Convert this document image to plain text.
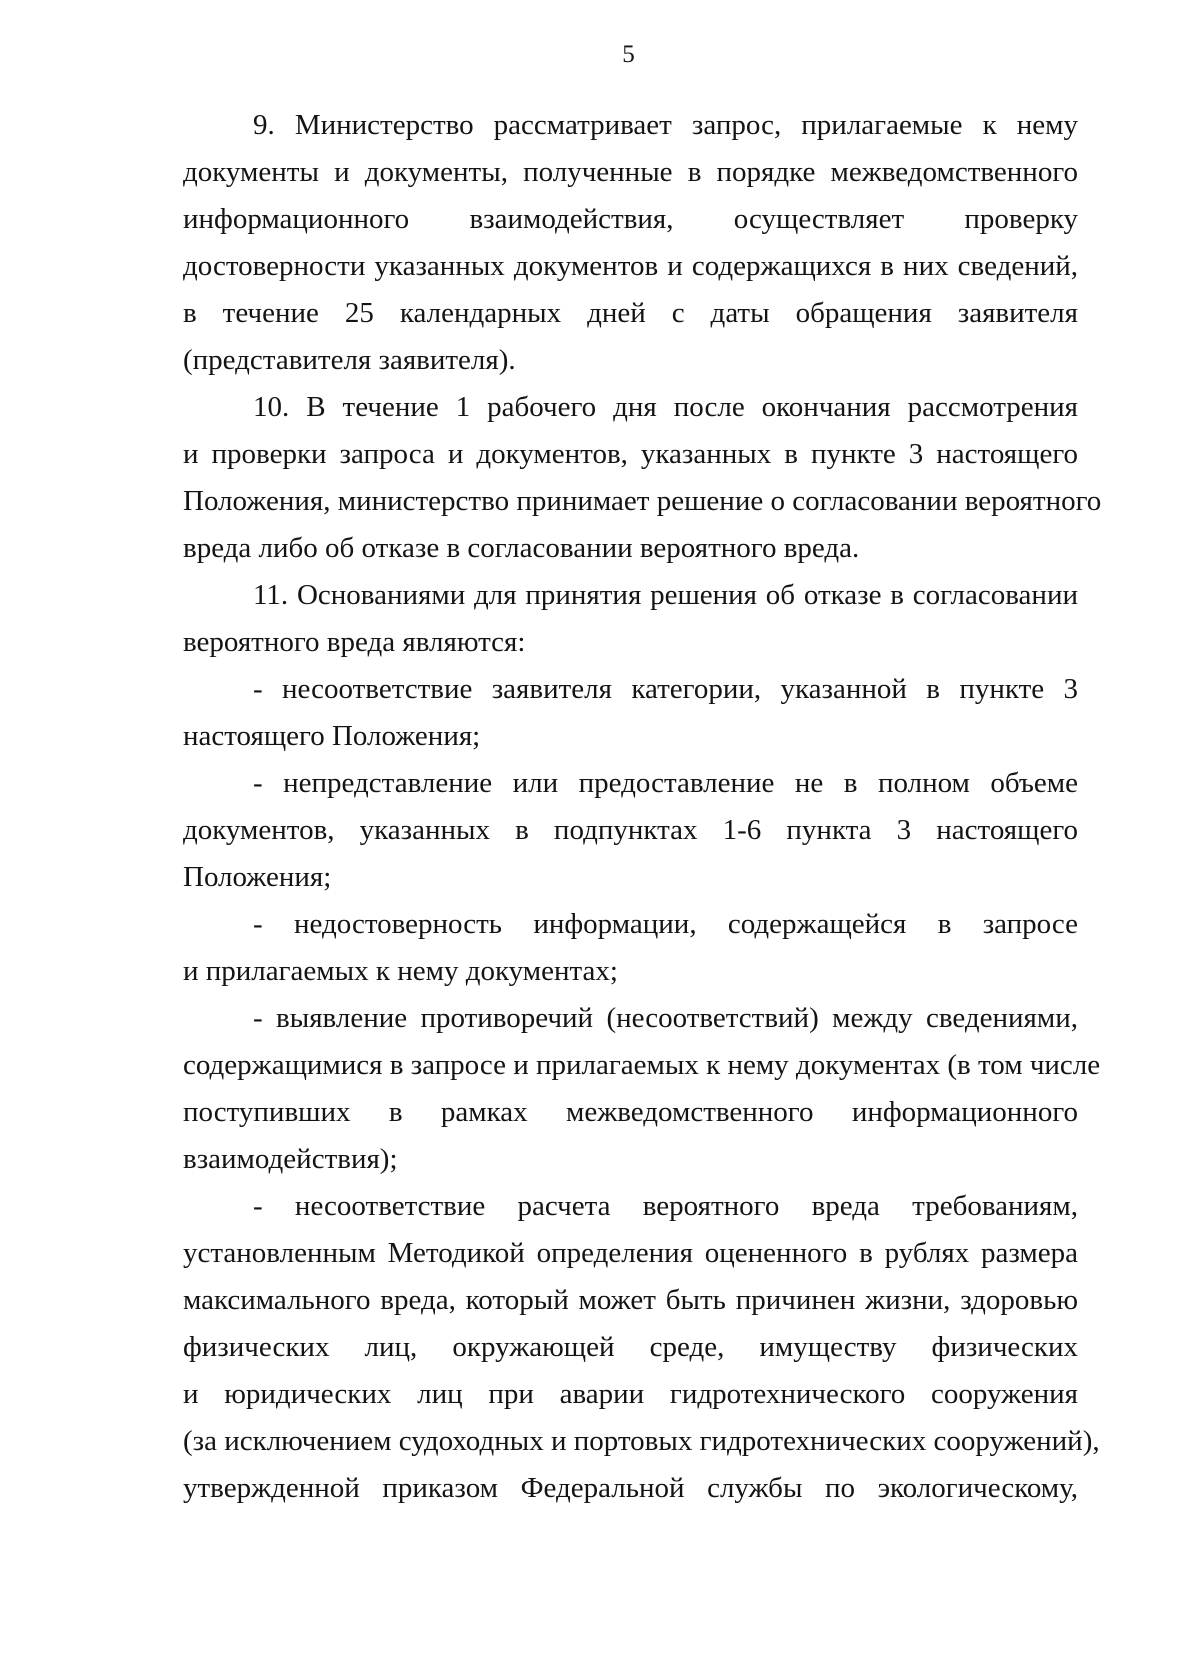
5
9. Министерство рассматривает запрос, прилагаемые к нему
документы и документы, полученные в порядке межведомственного
информационного взаимодействия, осуществляет проверку
достоверности указанных документов и содержащихся в них сведений,
в течение 25 календарных дней с даты обращения заявителя
(представителя заявителя).
10. В течение 1 рабочего дня после окончания рассмотрения
и проверки запроса и документов, указанных в пункте 3 настоящего
Положения, министерство принимает решение о согласовании вероятного
вреда либо об отказе в согласовании вероятного вреда.
11. Основаниями для принятия решения об отказе в согласовании
вероятного вреда являются:
- несоответствие заявителя категории, указанной в пункте 3
настоящего Положения;
- непредставление или предоставление не в полном объеме
документов, указанных в подпунктах 1-6 пункта 3 настоящего
Положения;
- недостоверность информации, содержащейся в запросе
и прилагаемых к нему документах;
- выявление противоречий (несоответствий) между сведениями,
содержащимися в запросе и прилагаемых к нему документах (в том числе
поступивших в рамках межведомственного информационного
взаимодействия);
- несоответствие расчета вероятного вреда требованиям,
установленным Методикой определения оцененного в рублях размера
максимального вреда, который может быть причинен жизни, здоровью
физических лиц, окружающей среде, имуществу физических
и юридических лиц при аварии гидротехнического сооружения
(за исключением судоходных и портовых гидротехнических сооружений),
утвержденной приказом Федеральной службы по экологическому,
